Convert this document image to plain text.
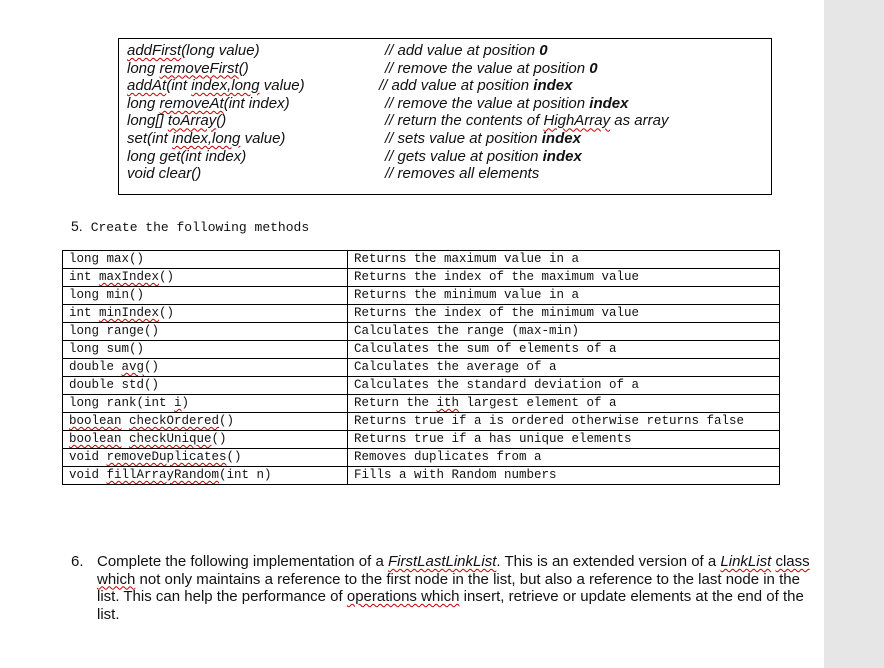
addFirst(long value)	// add value at position 0
long removeFirst()	// remove the value at position 0
addAt(int index,long value)	// add value at position index
long removeAt(int index)	// remove the value at position index
long[] toArray()	// return the contents of HighArray as array
set(int index,long value)	// sets value at position index
long get(int index)	// gets value at position index
void clear()	// removes all elements
5. Create the following methods
long max()	Returns the maximum value in a
int maxIndex()	Returns the index of the maximum value
long min()	Returns the minimum value in a
int minIndex()	Returns the index of the minimum value
long range()	Calculates the range (max-min)
long sum()	Calculates the sum of elements of a
double avg()	Calculates the average of a
double std()	Calculates the standard deviation of a
long rank(int i)	Return the ith largest element of a
boolean checkOrdered()	Returns true if a is ordered otherwise returns false
boolean checkUnique()	Returns true if a has unique elements
void removeDuplicates()	Removes duplicates from a
void fillArrayRandom(int n)	Fills a with Random numbers
6. Complete the following implementation of a FirstLastLinkList. This is an extended version of a LinkList class which not only maintains a reference to the first node in the list, but also a reference to the last node in the list. This can help the performance of operations which insert, retrieve or update elements at the end of the list.
